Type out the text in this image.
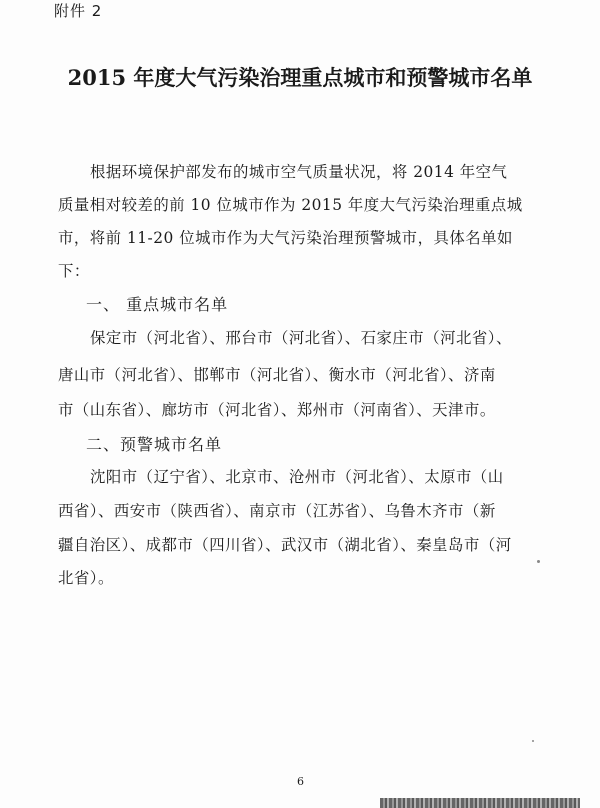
附件 2
2015 年度大气污染治理重点城市和预警城市名单
根据环境保护部发布的城市空气质量状况，将 2014 年空气
质量相对较差的前 10 位城市作为 2015 年度大气污染治理重点城
市，将前 11-20 位城市作为大气污染治理预警城市，具体名单如
下：
一、 重点城市名单
保定市（河北省）、邢台市（河北省）、石家庄市（河北省）、
唐山市（河北省）、邯郸市（河北省）、衡水市（河北省）、济南
市（山东省）、廊坊市（河北省）、郑州市（河南省）、天津市。
二、预警城市名单
沈阳市（辽宁省）、北京市、沧州市（河北省）、太原市（山
西省）、西安市（陕西省）、南京市（江苏省）、乌鲁木齐市（新
疆自治区）、成都市（四川省）、武汉市（湖北省）、秦皇岛市（河
北省）。
6
